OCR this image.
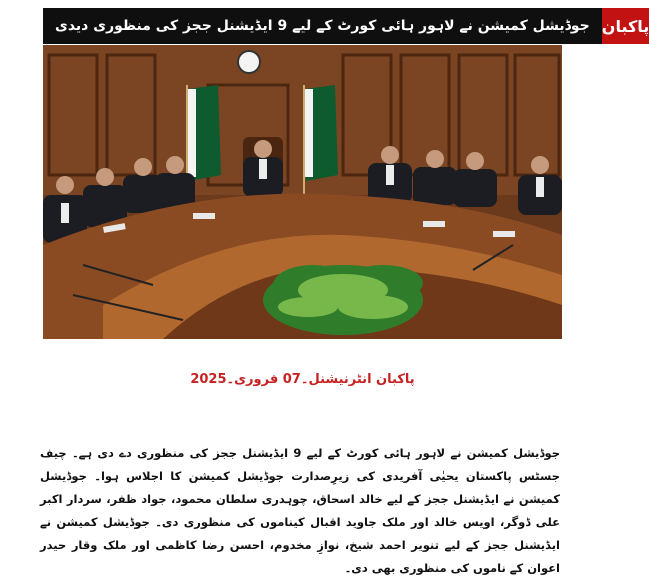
جوڈیشل کمیشن نے لاہور ہائی کورٹ کے لیے 9 ایڈیشنل ججز کی منظوری دیدی پاکبان
پاکبان انٹرنیشنل۔07 فروری۔2025

جوڈیشل کمیشن نے لاہور ہائی کورٹ کے لیے 9 ایڈیشنل ججز کی منظوری دے دی ہے۔ چیف جسٹس پاکستان یحیٰی آفریدی کی زیرِصدارت جوڈیشل کمیشن کا اجلاس ہوا۔ جوڈیشل کمیشن نے ایڈیشنل ججز کے لیے خالد اسحاق، چوہدری سلطان محمود، جواد ظفر، سردار اکبر علی ڈوگر، اویس خالد اور ملک جاوید اقبال کیناموں کی منظوری دی۔ جوڈیشل کمیشن نے ایڈیشنل ججز کے لیے تنویر احمد شیخ، نوازِ مخدوم، احسن رضا کاظمی اور ملک وقار حیدر اعوان کے ناموں کی منظوری بھی دی۔
